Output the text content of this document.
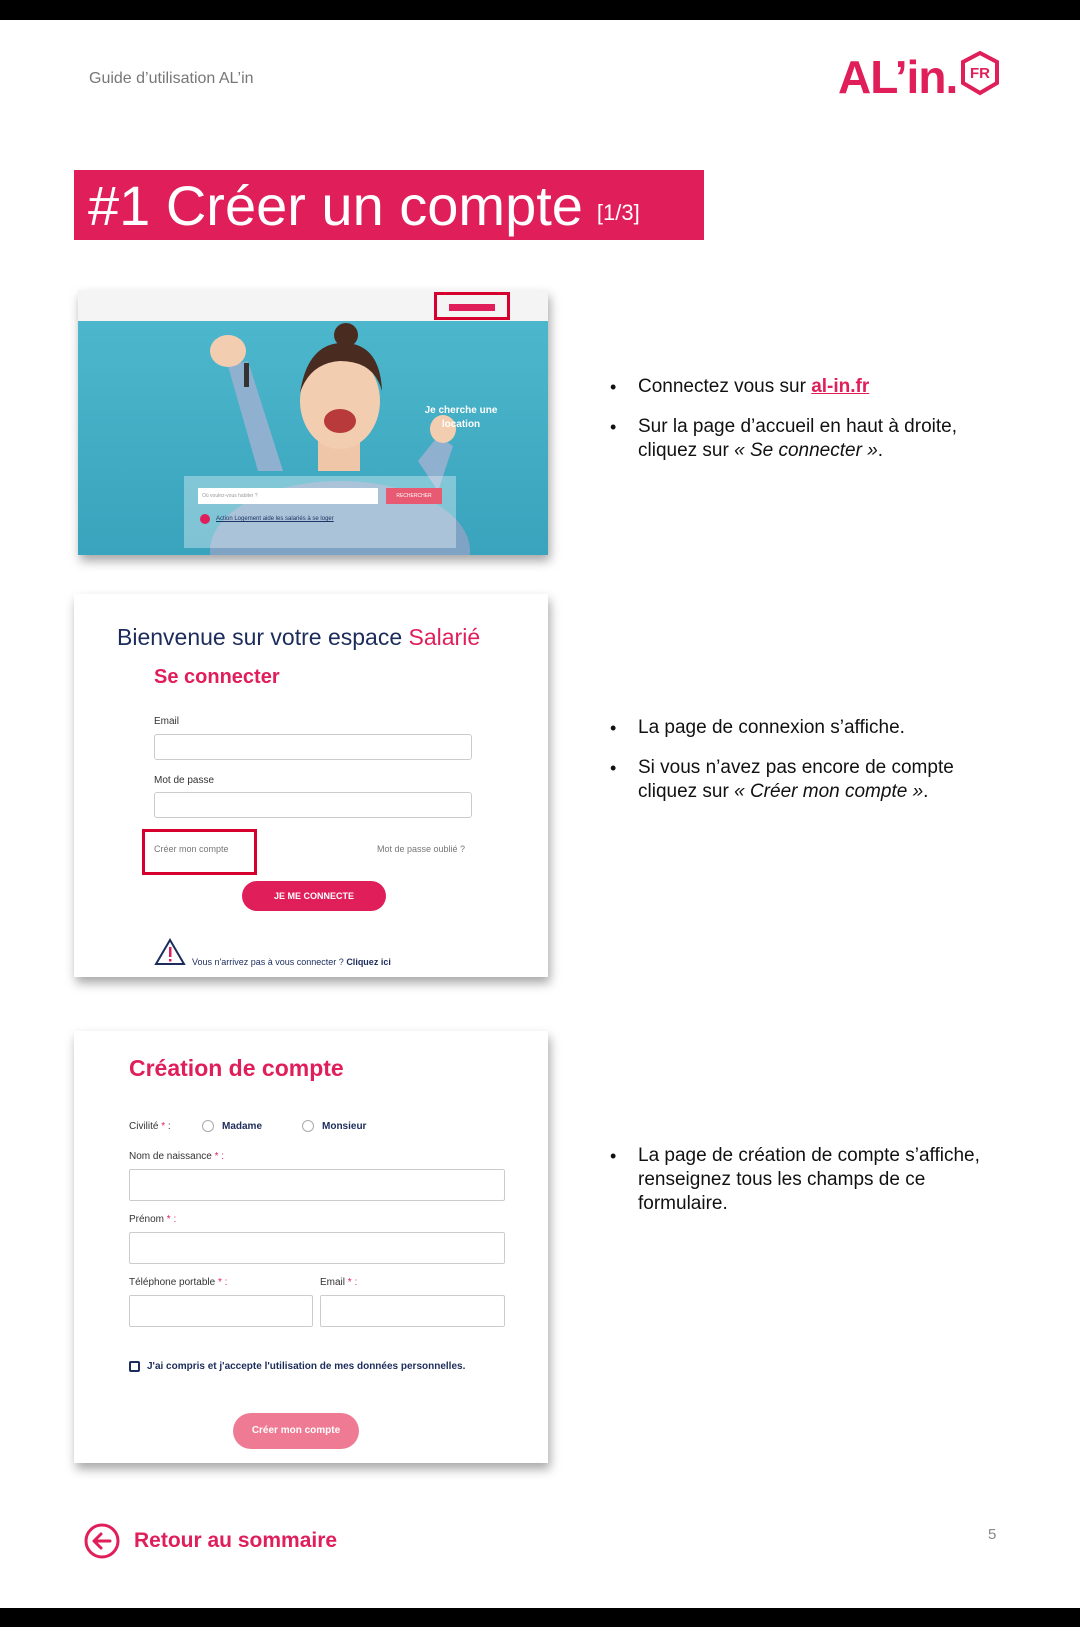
Guide d’utilisation AL’in	AL’in. FR
#1 Créer un compte [1/3]
Je cherche une location
Où voulez-vous habiter ?	RECHERCHER
Action Logement aide les salariés à se loger
• Connectez vous sur al-in.fr
• Sur la page d’accueil en haut à droite, cliquez sur « Se connecter ».
Bienvenue sur votre espace Salarié
Se connecter
Email
Mot de passe
Créer mon compte	Mot de passe oublié ?
JE ME CONNECTE
Vous n'arrivez pas à vous connecter ? Cliquez ici
• La page de connexion s’affiche.
• Si vous n’avez pas encore de compte cliquez sur « Créer mon compte ».
Création de compte
Civilité * :	Madame	Monsieur
Nom de naissance * :
Prénom * :
Téléphone portable * :	Email * :
J'ai compris et j'accepte l'utilisation de mes données personnelles.
Créer mon compte
• La page de création de compte s’affiche, renseignez tous les champs de ce formulaire.
Retour au sommaire	5
